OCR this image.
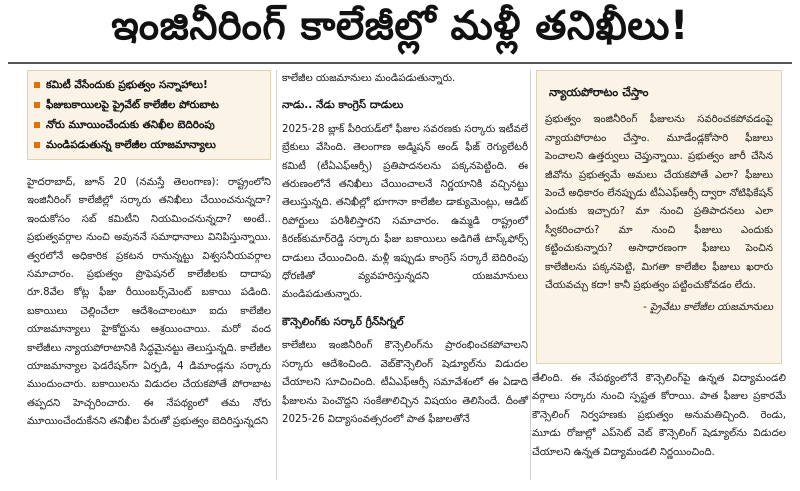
ఇంజినీరింగ్ కాలేజీల్లో మళ్లీ తనిఖీలు!
కమిటీ వేసేందుకు ప్రభుత్వం సన్నాహాలు!
ఫీజుబకాయిలపై ప్రైవేట్ కాలేజీల పోరుబాట
నోరు మూయించేందుకు తనిఖీల బెదిరింపు
మండిపడుతున్న కాలేజీల యాజమాన్యాలు

హైదరాబాద్, జూన్ 20 (నమస్తే తెలంగాణ): రాష్ట్రంలోని ఇంజినీరింగ్ కాలేజీల్లో సర్కారు తనిఖీలు చేయించనున్నదా? ఇందుకోసం సబ్ కమిటీని నియమించనున్నదా? అంటే.. ప్రభుత్వవర్గాల నుంచి అవుననే సమాధానాలు వినిపిస్తున్నాయి. త్వరలోనే అధికారిక ప్రకటన రానున్నట్టు విశ్వసనీయవర్గాల సమాచారం. ప్రభుత్వం ప్రొఫెషనల్ కాలేజీలకు దాదాపు రూ.8వేల కోట్ల ఫీజు రీయింబర్స్‌మెంట్ బకాయి పడింది. బకాయిలు చెల్లించేలా ఆదేశించాలంటూ ఐదు కాలేజీల యాజమాన్యాలు హైకోర్టును ఆశ్రయించాయి. మరో వంద కాలేజీలు న్యాయపోరాటానికి సిద్ధమైనట్టు తెలుస్తున్నది. కాలేజీల యాజమాన్యాల ఫెడరేషన్‌గా ఏర్పడి, 4 డిమాండ్లను సర్కారు ముందుంచారు. బకాయిలను విడుదల చేయకపోతే పోరాబాట తప్పదని హెచ్చరించారు. ఈ నేపథ్యంలో తమ నోరు మూయించేందుకేనని తనిఖీల పేరుతో ప్రభుత్వం బెదిరిస్తున్నదని

కాలేజీల యజమానులు మండిపడుతున్నారు.

నాడు.. నేడు కాంగ్రెస్ దాడులు

2025-28 బ్లాక్ పీరియడ్‌లో ఫీజుల సవరణకు సర్కారు ఇటీవలే బ్రేకులు వేసింది. తెలంగాణ అడ్మిషన్ అండ్ ఫీజ్ రెగ్యులేటరీ కమిటీ (టీఏఎఫ్ఆర్సీ) ప్రతిపాదనలను పక్కనపెట్టింది. ఈ తరుణంలోనే తనిఖీలు చేయించాలనే నిర్ణయానికి వచ్చినట్టు తెలుస్తున్నది. తనిఖీల్లో భూగానా కాలేజీల డాక్యుమెంట్లు, ఆడిట్ రిపోర్టులు పరిశీలిస్తారని సమాచారం. ఉమ్మడి రాష్ట్రంలో కిరణ్‌కుమార్‌రెడ్డి సర్కారు ఫీజు బకాయిలు అడిగితే టాస్క్‌ఫోర్స్ దాడులు చేయించింది. మళ్లీ ఇప్పుడు కాంగ్రెస్ సర్కారే బెదిరింపు ధోరణితో వ్యవహరిస్తున్నదని యజమానులు మండిపడుతున్నారు.

కౌన్సెలింగ్‌కు సర్కార్ గ్రీన్‌సిగ్నల్

కాలేజీలు ఇంజినీరింగ్ కౌన్సెలింగ్‌ను ప్రారంభించకపోవాలని సర్కారు ఆదేశించింది. వెబ్‌కౌన్సెలింగ్ షెడ్యూల్‌ను విడుదల చేయాలని సూచించింది. టీఏఎఫ్ఆర్సీ సమావేశంలో ఈ ఏడాది ఫీజులను పెంచొద్దని సంకేతాలిచ్చిన విషయం తెలిసిందే. దీంతో 2025-26 విద్యాసంవత్సరంలో పాత ఫీజులతోనే

న్యాయపోరాటం చేస్తాం

ప్రభుత్వం ఇంజినీరింగ్ ఫీజులను సవరించకపోవడంపై న్యాయపోరాటం చేస్తాం. మూడేండ్లకోసారి ఫీజులు పెంచాలని ఉత్తర్వులు చెప్తున్నాయి. ప్రభుత్వం జారీ చేసిన జీవోను ప్రభుత్వమే అమలు చేయకపోతే ఎలా? ఫీజులు పెంచే అధికారం లేనప్పుడు టీఏఎఫ్ఆర్సీ ద్వారా నోటిఫికేషన్ ఎందుకు ఇచ్చారు? మా నుంచి ప్రతిపాదనలు ఎలా స్వీకరించారు? మా నుంచి ఫీజులు ఎందుకు కట్టించుకున్నారు? అసాధారణంగా ఫీజులు పెంచిన కాలేజీలను పక్కనపెట్టి, మిగతా కాలేజీల ఫీజులు ఖరారు చేయవచ్చు కదా! కానీ ప్రభుత్వం పట్టించుకోవడం లేదు.

- ప్రైవేటు కాలేజీల యజమానులు

తేలింది. ఈ నేపథ్యంలోనే కౌన్సెలింగ్‌పై ఉన్నత విద్యామండలి వర్గాలు సర్కారు నుంచి స్పష్టత కోరాయి. పాత ఫీజుల ప్రకారమే కౌన్సెలింగ్ నిర్వహణకు ప్రభుత్వం అనుమతిచ్చింది. రెండు, మూడు రోజుల్లో ఎప్‌సెట్ వెబ్ కౌన్సెలింగ్ షెడ్యూల్‌ను విడుదల చేయాలని ఉన్నత విద్యామండలి నిర్ణయించింది.
